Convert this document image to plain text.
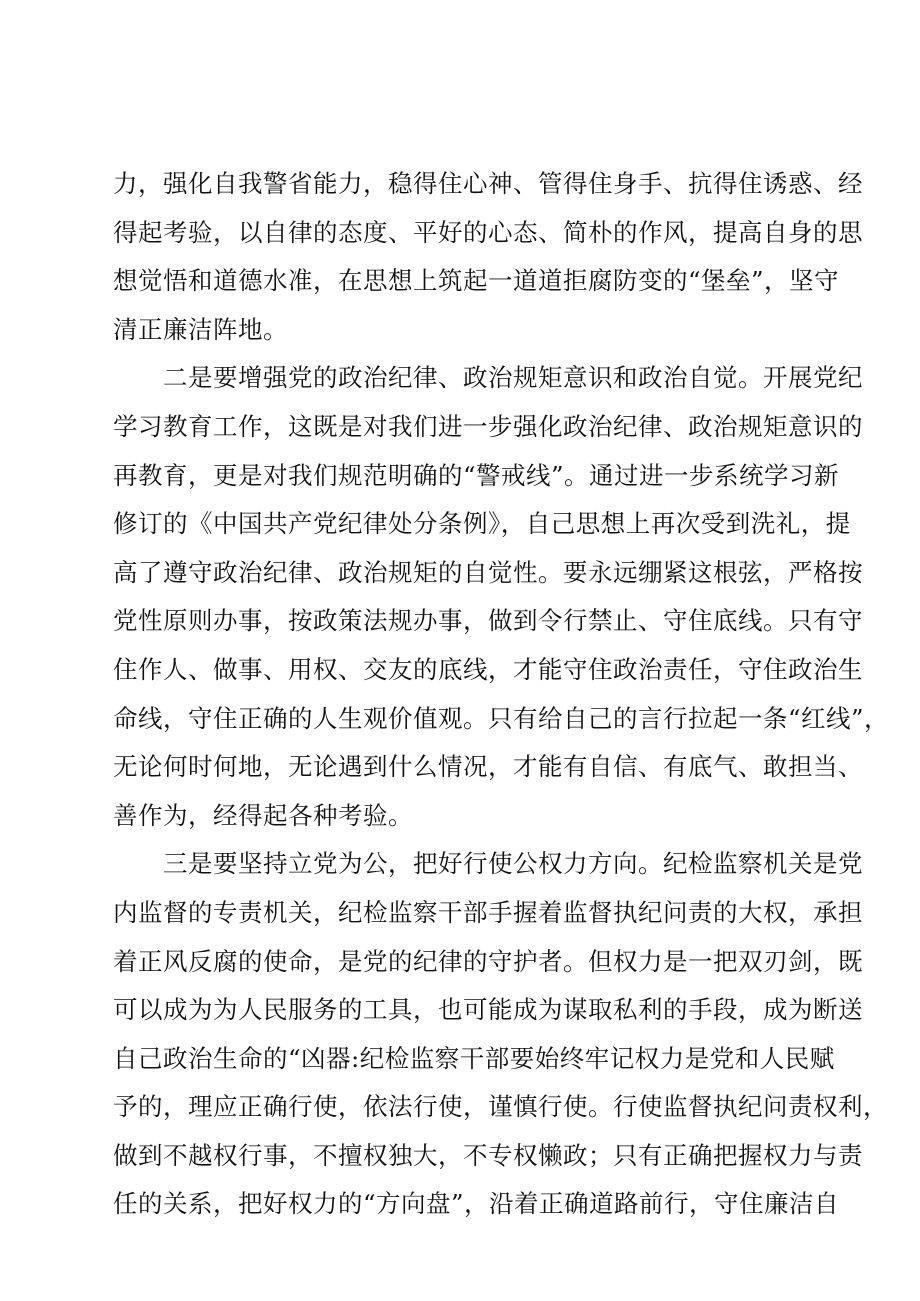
力，强化自我警省能力，稳得住心神、管得住身手、抗得住诱惑、经
得起考验，以自律的态度、平好的心态、简朴的作风，提高自身的思
想觉悟和道德水准，在思想上筑起一道道拒腐防变的“堡垒”，坚守
清正廉洁阵地。
二是要增强党的政治纪律、政治规矩意识和政治自觉。开展党纪
学习教育工作，这既是对我们进一步强化政治纪律、政治规矩意识的
再教育，更是对我们规范明确的“警戒线”。通过进一步系统学习新
修订的《中国共产党纪律处分条例》，自己思想上再次受到洗礼，提
高了遵守政治纪律、政治规矩的自觉性。要永远绷紧这根弦，严格按
党性原则办事，按政策法规办事，做到令行禁止、守住底线。只有守
住作人、做事、用权、交友的底线，才能守住政治责任，守住政治生
命线，守住正确的人生观价值观。只有给自己的言行拉起一条“红线”，
无论何时何地，无论遇到什么情况，才能有自信、有底气、敢担当、
善作为，经得起各种考验。
三是要坚持立党为公，把好行使公权力方向。纪检监察机关是党
内监督的专责机关，纪检监察干部手握着监督执纪问责的大权，承担
着正风反腐的使命，是党的纪律的守护者。但权力是一把双刃剑，既
可以成为为人民服务的工具，也可能成为谋取私利的手段，成为断送
自己政治生命的“凶器:纪检监察干部要始终牢记权力是党和人民赋
予的，理应正确行使，依法行使，谨慎行使。行使监督执纪问责权利，
做到不越权行事，不擅权独大，不专权懒政；只有正确把握权力与责
任的关系，把好权力的“方向盘”，沿着正确道路前行，守住廉洁自
